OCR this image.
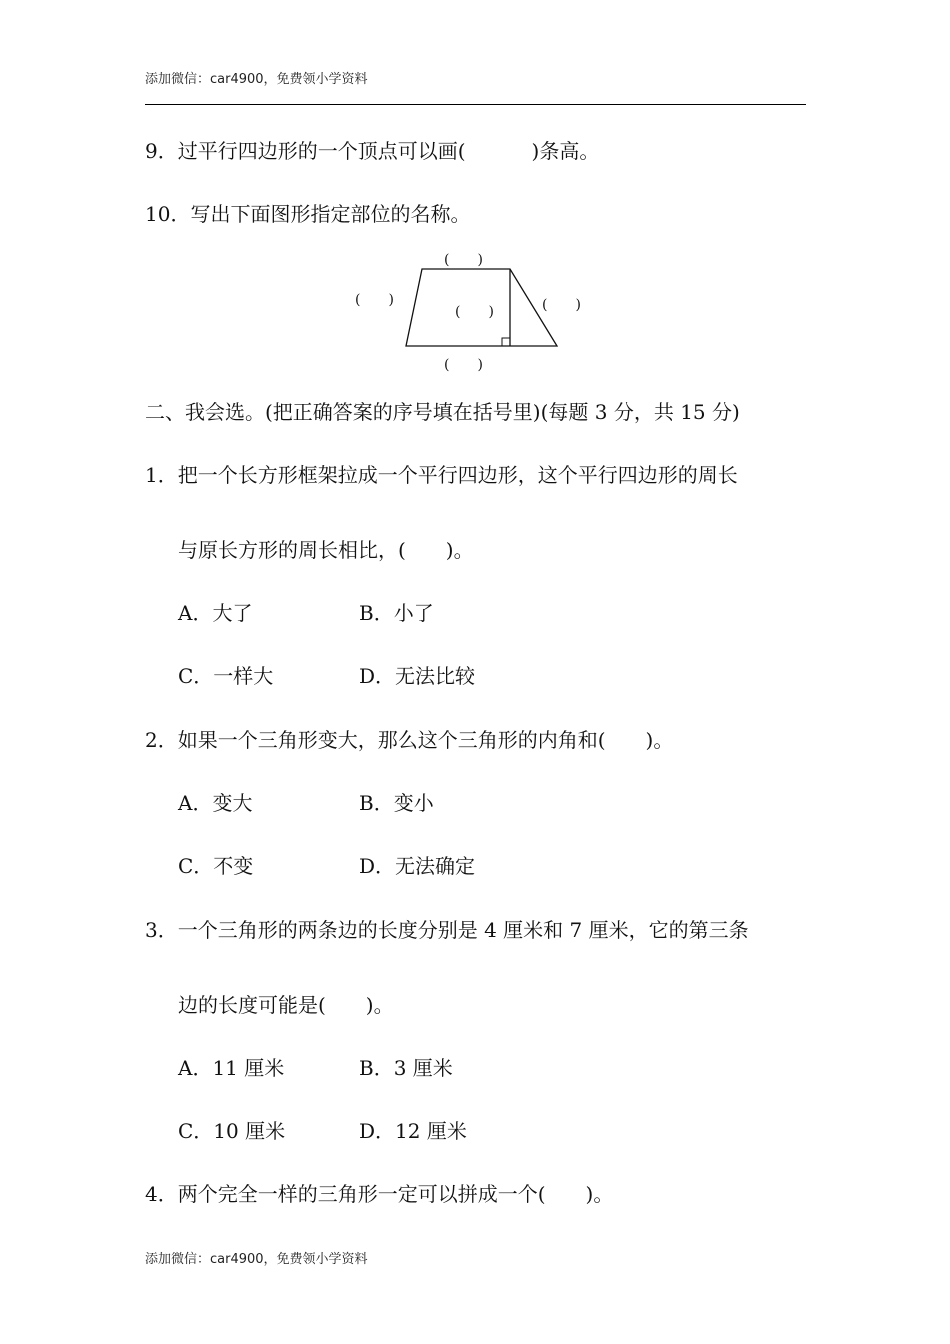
添加微信：car4900，免费领小学资料
9．过平行四边形的一个顶点可以画(	)条高。
10．写出下面图形指定部位的名称。
(　　)
(　　)
(　　)	(　　)
(　　)
二、我会选。(把正确答案的序号填在括号里)(每题 3 分，共 15 分)
1．把一个长方形框架拉成一个平行四边形，这个平行四边形的周长
与原长方形的周长相比，(　　)。
A．大了	B．小了
C．一样大	D．无法比较
2．如果一个三角形变大，那么这个三角形的内角和(　　)。
A．变大	B．变小
C．不变	D．无法确定
3．一个三角形的两条边的长度分别是 4 厘米和 7 厘米，它的第三条
边的长度可能是(　　)。
A．11 厘米	B．3 厘米
C．10 厘米	D．12 厘米
4．两个完全一样的三角形一定可以拼成一个(　　)。
添加微信：car4900，免费领小学资料
